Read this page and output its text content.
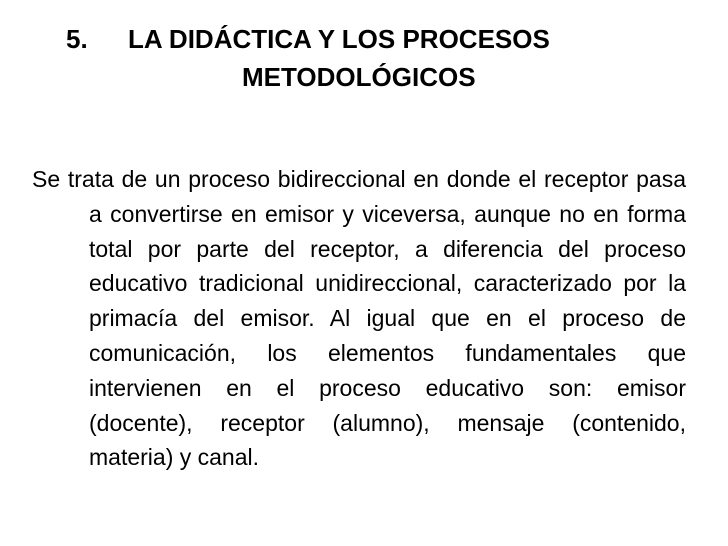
5. LA DIDÁCTICA Y LOS PROCESOS
METODOLÓGICOS

Se trata de un proceso bidireccional en donde el receptor pasa a convertirse en emisor y viceversa, aunque no en forma total por parte del receptor, a diferencia del proceso educativo tradicional unidireccional, caracterizado por la primacía del emisor. Al igual que en el proceso de comunicación, los elementos fundamentales que intervienen en el proceso educativo son: emisor (docente), receptor (alumno), mensaje (contenido, materia) y canal.
